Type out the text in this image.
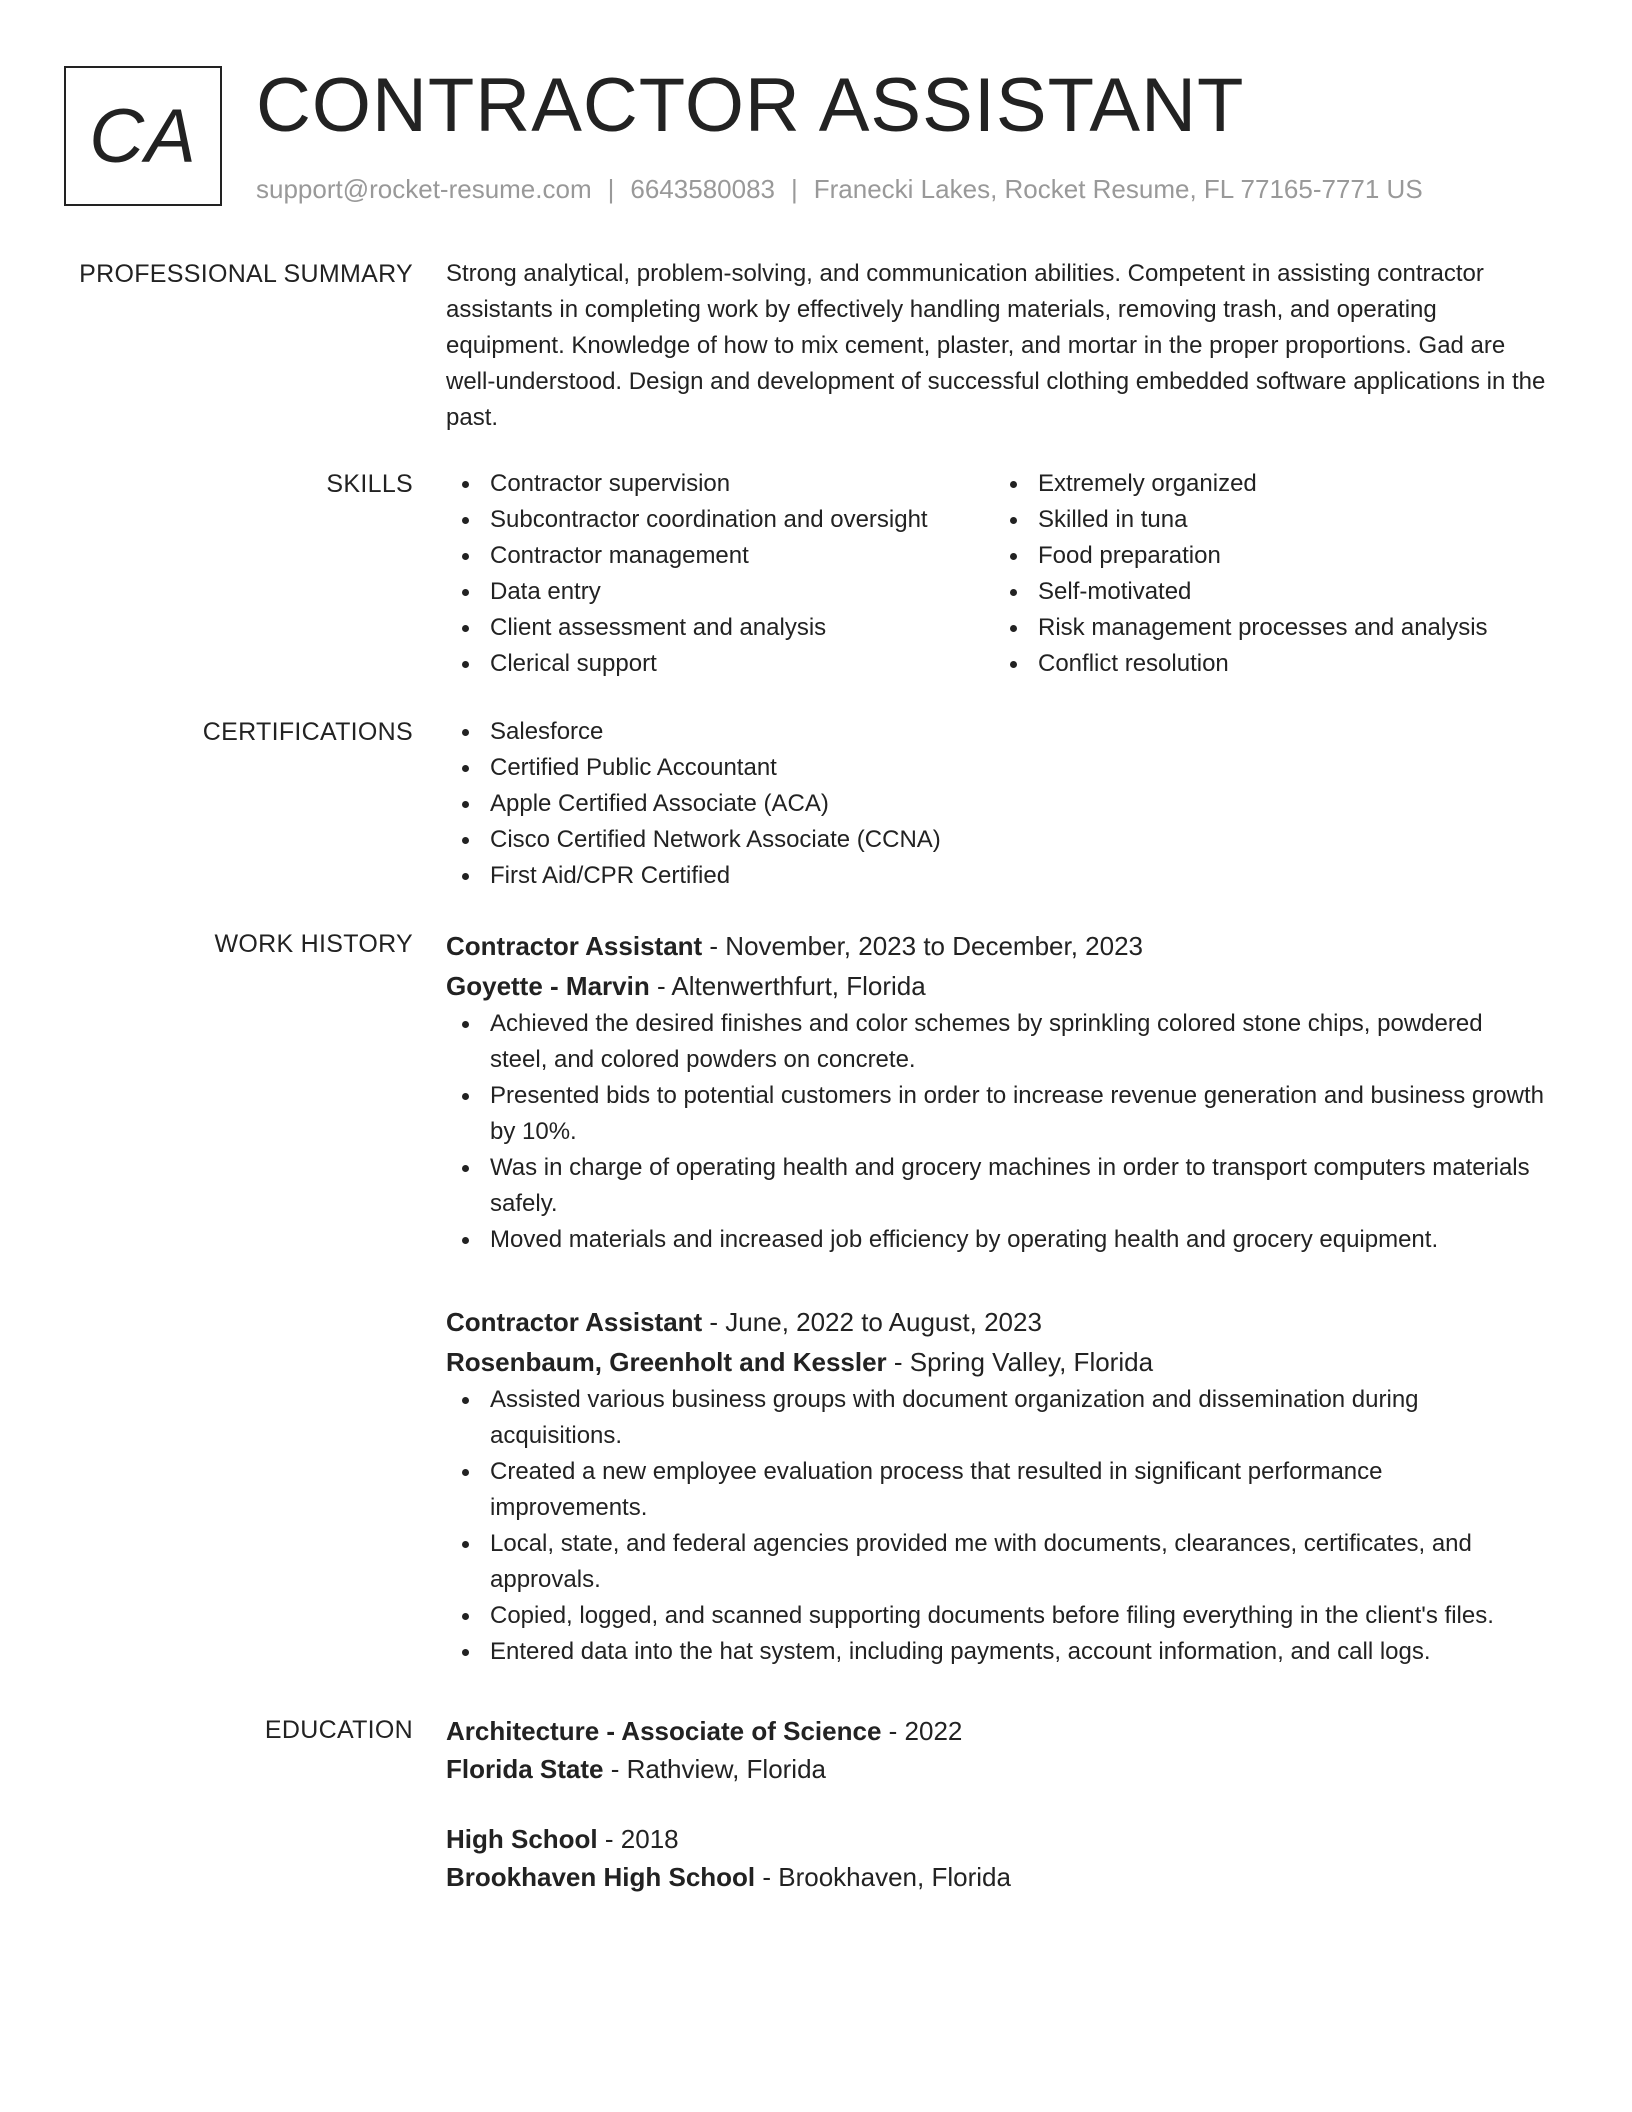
CA CONTRACTOR ASSISTANT
support@rocket-resume.com | 6643580083 | Franecki Lakes, Rocket Resume, FL 77165-7771 US
PROFESSIONAL SUMMARY Strong analytical, problem-solving, and communication abilities. Competent in assisting contractor assistants in completing work by effectively handling materials, removing trash, and operating equipment. Knowledge of how to mix cement, plaster, and mortar in the proper proportions. Gad are well-understood. Design and development of successful clothing embedded software applications in the past.

SKILLS	Contractor supervision
Subcontractor coordination and oversight
Contractor management
Data entry
Client assessment and analysis
Clerical support
Extremely organized
Skilled in tuna
Food preparation
Self-motivated
Risk management processes and analysis
Conflict resolution
CERTIFICATIONS	Salesforce
Certified Public Accountant
Apple Certified Associate (ACA)
Cisco Certified Network Associate (CCNA)
First Aid/CPR Certified
WORK HISTORY Contractor Assistant - November, 2023 to December, 2023
Goyette - Marvin - Altenwerthfurt, Florida
Achieved the desired finishes and color schemes by sprinkling colored stone chips, powdered steel, and colored powders on concrete.
Presented bids to potential customers in order to increase revenue generation and business growth by 10%.
Was in charge of operating health and grocery machines in order to transport computers materials safely.
Moved materials and increased job efficiency by operating health and grocery equipment.
Contractor Assistant - June, 2022 to August, 2023
Rosenbaum, Greenholt and Kessler - Spring Valley, Florida
Assisted various business groups with document organization and dissemination during acquisitions.
Created a new employee evaluation process that resulted in significant performance improvements.
Local, state, and federal agencies provided me with documents, clearances, certificates, and approvals.
Copied, logged, and scanned supporting documents before filing everything in the client's files.
Entered data into the hat system, including payments, account information, and call logs.
EDUCATION Architecture - Associate of Science - 2022
Florida State - Rathview, Florida
High School - 2018
Brookhaven High School - Brookhaven, Florida
